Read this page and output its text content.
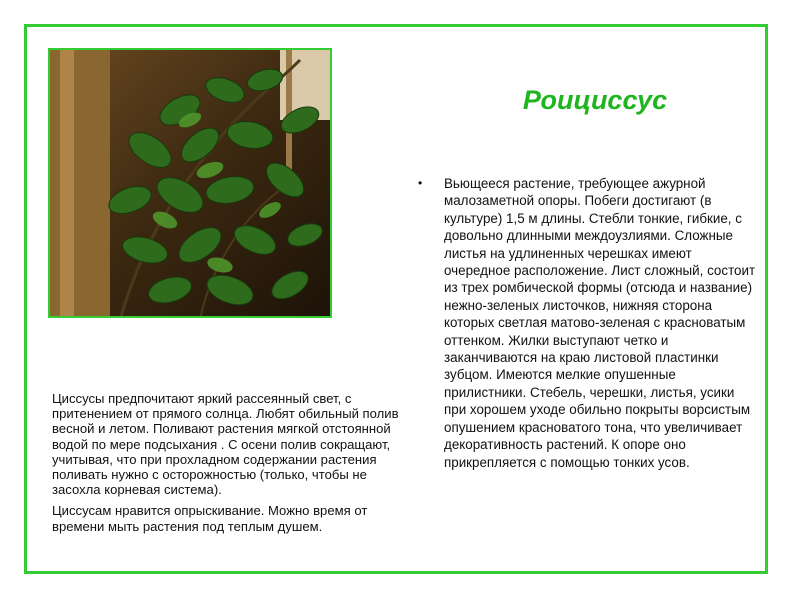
Роициссус
• Вьющееся растение, требующее ажурной малозаметной опоры. Побеги достигают (в культуре) 1,5 м длины. Стебли тонкие, гибкие, с довольно длинными междоузлиями. Сложные листья на удлиненных черешках имеют очередное расположение. Лист сложный, состоит из трех ромбической формы (отсюда и название) нежно-зеленых листочков, нижняя сторона которых светлая матово-зеленая с красноватым оттенком. Жилки выступают четко и заканчиваются на краю листовой пластинки зубцом. Имеются мелкие опушенные прилистники. Стебель, черешки, листья, усики при хорошем уходе обильно покрыты ворсистым опушением красноватого тона, что увеличивает декоративность растений. К опоре оно прикрепляется с помощью тонких усов.

Циссусы предпочитают яркий рассеянный свет, с притенением от прямого солнца. Любят обильный полив весной и летом. Поливают растения мягкой отстоянной водой по мере подсыхания . С осени полив сокращают, учитывая, что при прохладном содержании растения поливать нужно с осторожностью (только, чтобы не засохла корневая система).

Циссусам нравится опрыскивание. Можно время от времени мыть растения под теплым душем.
